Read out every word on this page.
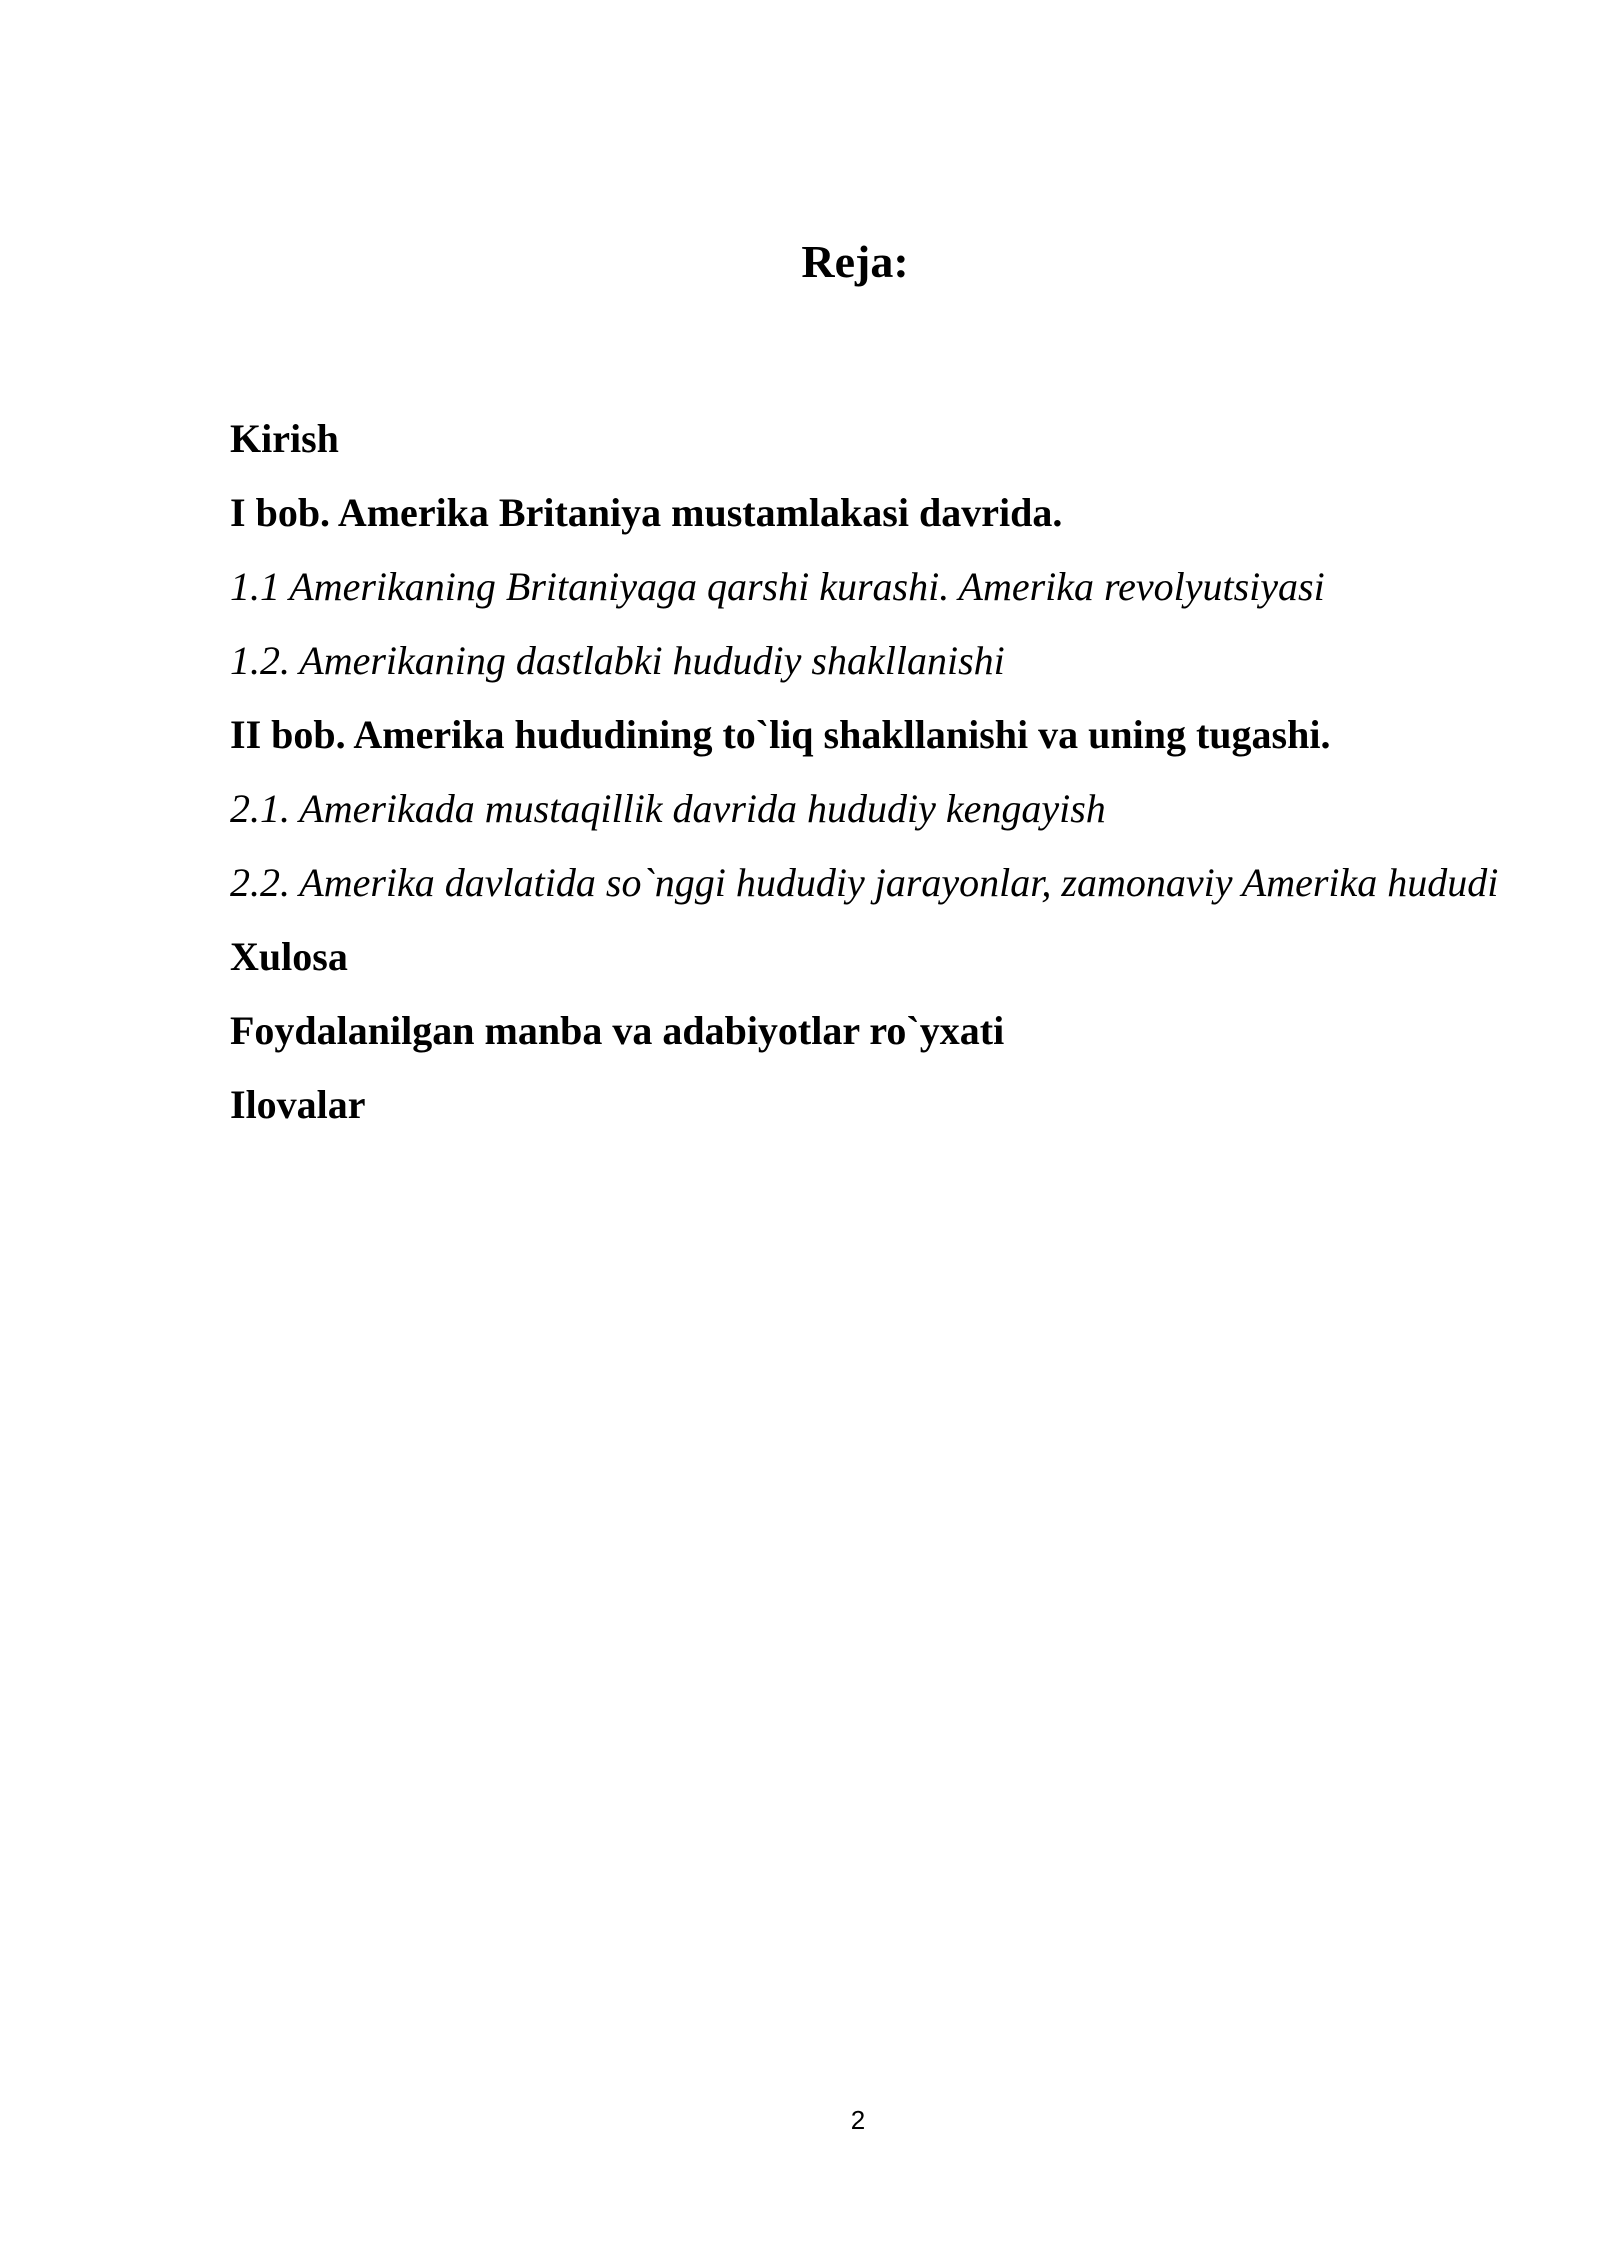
Reja:
Kirish
I bob. Amerika Britaniya mustamlakasi davrida.
1.1 Amerikaning Britaniyaga qarshi kurashi. Amerika revolyutsiyasi
1.2. Amerikaning dastlabki hududiy shakllanishi
II bob. Amerika hududining to`liq shakllanishi va uning tugashi.
2.1. Amerikada mustaqillik davrida hududiy kengayish
2.2. Amerika davlatida so`nggi hududiy jarayonlar, zamonaviy Amerika hududi
Xulosa
Foydalanilgan manba va adabiyotlar ro`yxati
Ilovalar
2
